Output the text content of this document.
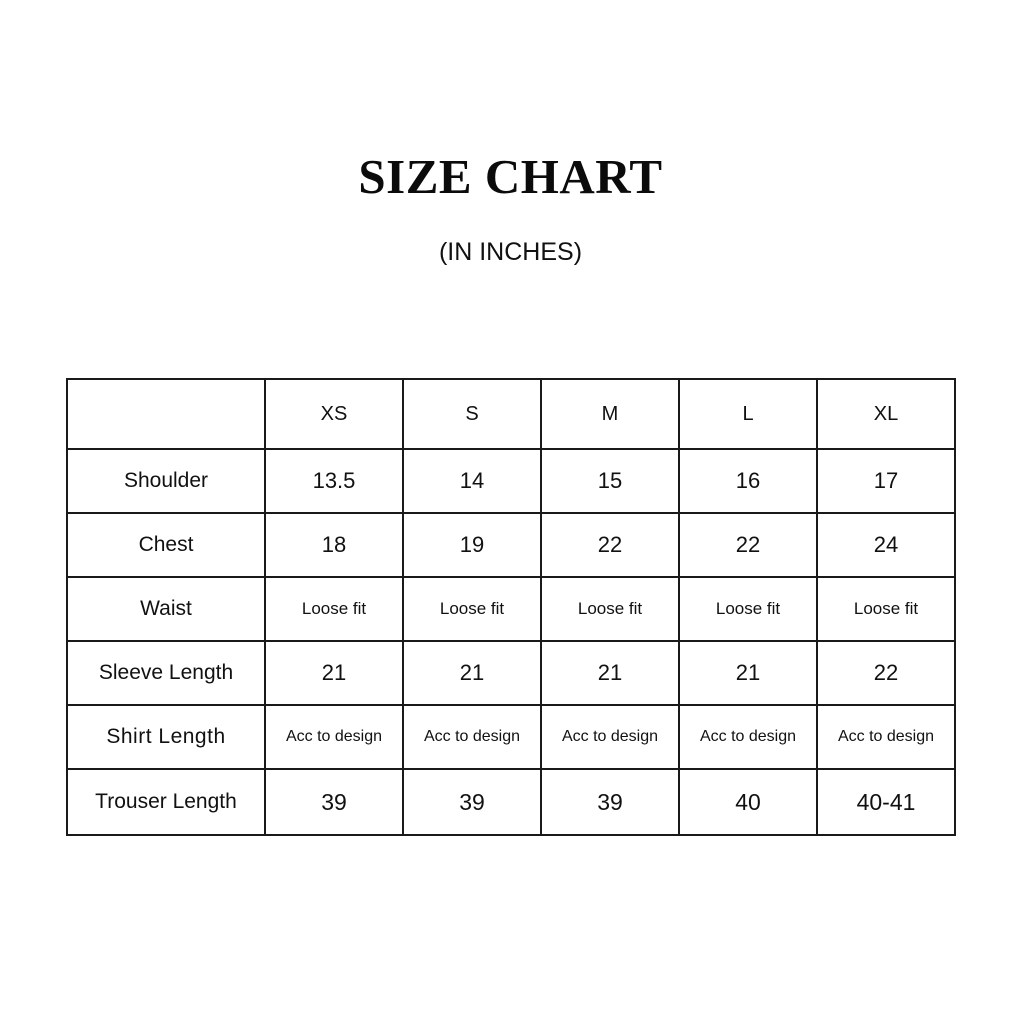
SIZE CHART
(IN INCHES)
	XS	S	M	L	XL
Shoulder	13.5	14	15	16	17
Chest	18	19	22	22	24
Waist	Loose fit	Loose fit	Loose fit	Loose fit	Loose fit
Sleeve Length	21	21	21	21	22
Shirt Length	Acc to design	Acc to design	Acc to design	Acc to design	Acc to design
Trouser Length	39	39	39	40	40-41
